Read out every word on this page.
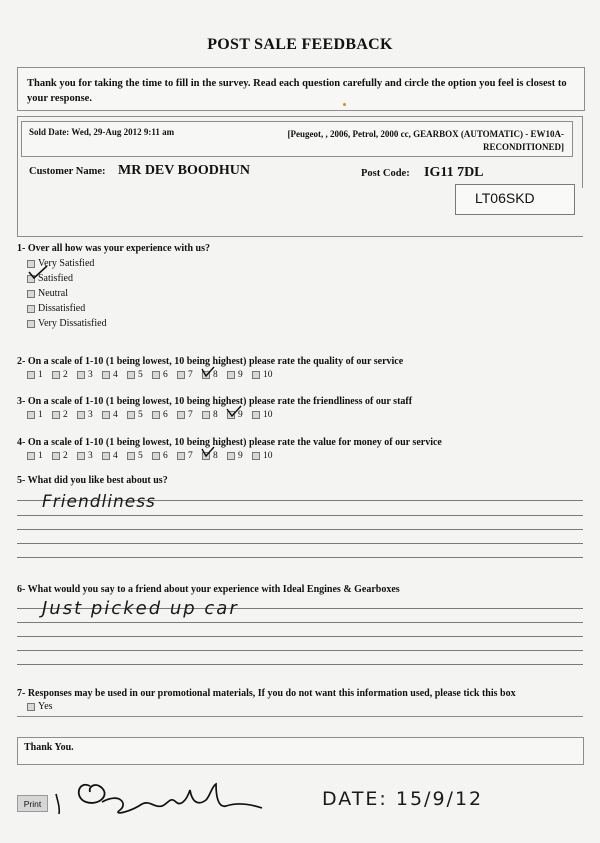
POST SALE FEEDBACK
Thank you for taking the time to fill in the survey. Read each question carefully and circle the option you feel is closest to your response.
Sold Date: Wed, 29-Aug 2012 9:11 am	[Peugeot, , 2006, Petrol, 2000 cc, GEARBOX (AUTOMATIC) - EW10A-RECONDITIONED]
Customer Name: MR DEV BOODHUN	Post Code: IG11 7DL
LT06SKD
1- Over all how was your experience with us?
Very Satisfied
Satisfied
Neutral
Dissatisfied
Very Dissatisfied
2- On a scale of 1-10 (1 being lowest, 10 being highest) please rate the quality of our service
1 2 3 4 5 6 7 8 9 10
3- On a scale of 1-10 (1 being lowest, 10 being highest) please rate the friendliness of our staff
1 2 3 4 5 6 7 8 9 10
4- On a scale of 1-10 (1 being lowest, 10 being highest) please rate the value for money of our service
1 2 3 4 5 6 7 8 9 10
5- What did you like best about us?
Friendliness
6- What would you say to a friend about your experience with Ideal Engines & Gearboxes
Just picked up car
7- Responses may be used in our promotional materials, If you do not want this information used, please tick this box
Yes
Thank You.
Print	DATE: 15/9/12
